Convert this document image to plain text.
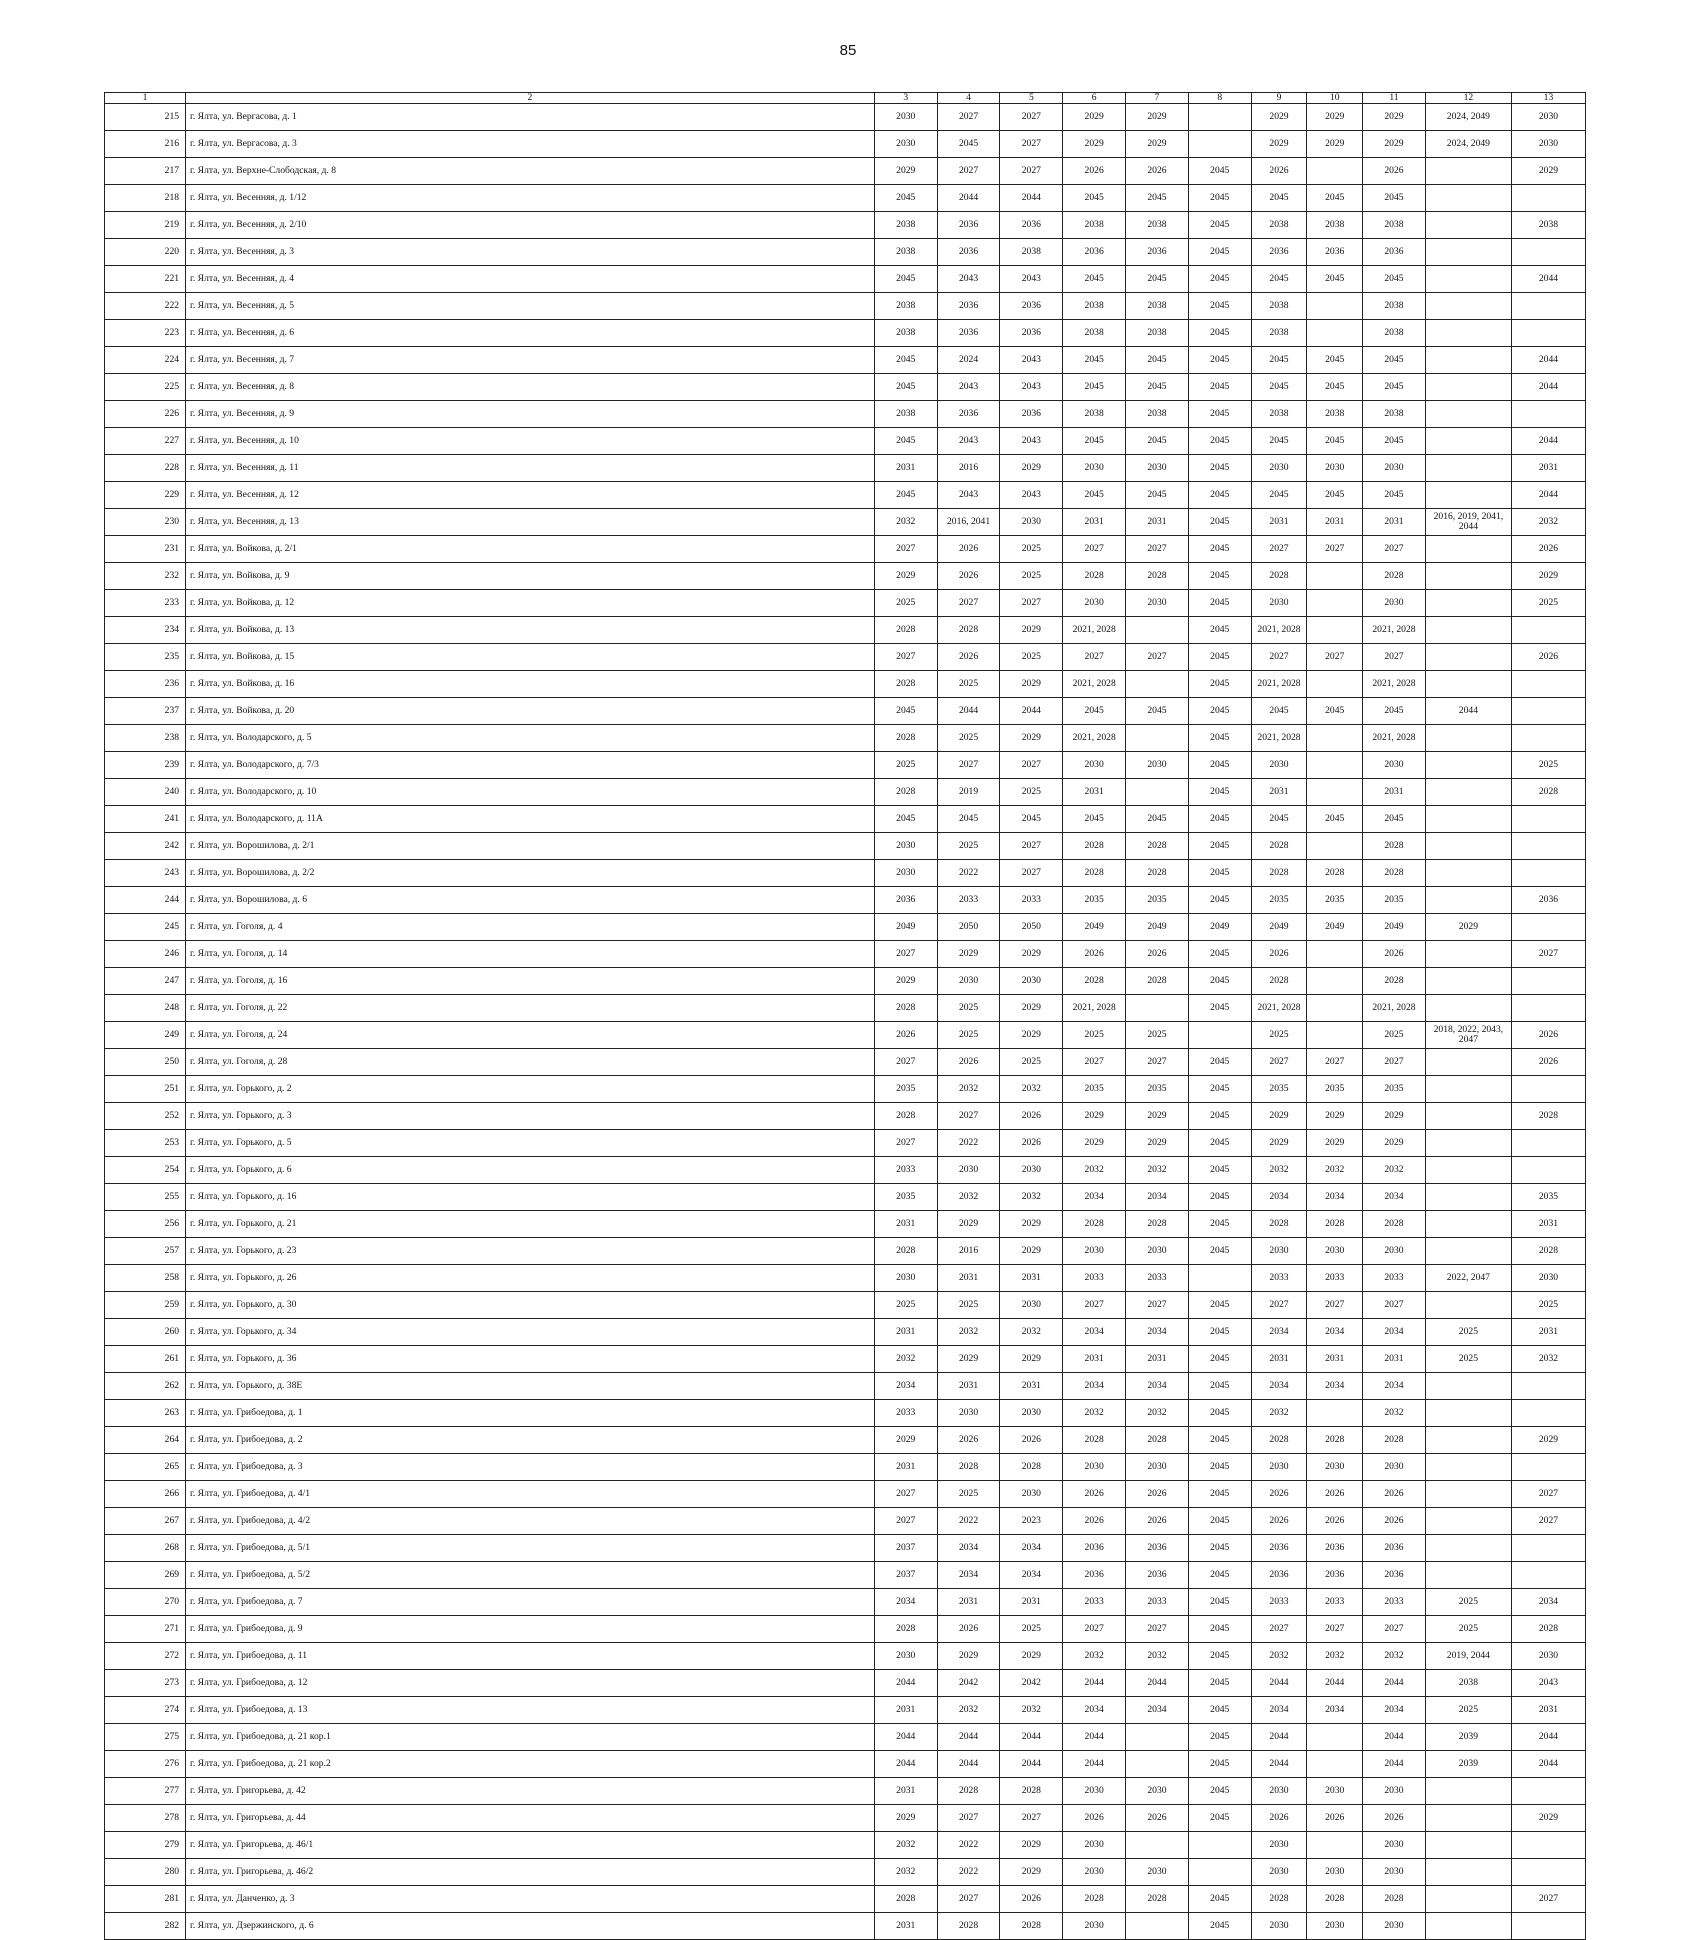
85
1	2	3	4	5	6	7	8	9	10	11	12	13
215	г. Ялта, ул. Вергасова, д. 1	2030	2027	2027	2029	2029		2029	2029	2029	2024, 2049	2030
216	г. Ялта, ул. Вергасова, д. 3	2030	2045	2027	2029	2029		2029	2029	2029	2024, 2049	2030
217	г. Ялта, ул. Верхне-Слободская, д. 8	2029	2027	2027	2026	2026	2045	2026		2026		2029
218	г. Ялта, ул. Весенняя, д. 1/12	2045	2044	2044	2045	2045	2045	2045	2045	2045		
219	г. Ялта, ул. Весенняя, д. 2/10	2038	2036	2036	2038	2038	2045	2038	2038	2038		2038
220	г. Ялта, ул. Весенняя, д. 3	2038	2036	2038	2036	2036	2045	2036	2036	2036		
221	г. Ялта, ул. Весенняя, д. 4	2045	2043	2043	2045	2045	2045	2045	2045	2045		2044
222	г. Ялта, ул. Весенняя, д. 5	2038	2036	2036	2038	2038	2045	2038		2038		
223	г. Ялта, ул. Весенняя, д. 6	2038	2036	2036	2038	2038	2045	2038		2038		
224	г. Ялта, ул. Весенняя, д. 7	2045	2024	2043	2045	2045	2045	2045	2045	2045		2044
225	г. Ялта, ул. Весенняя, д. 8	2045	2043	2043	2045	2045	2045	2045	2045	2045		2044
226	г. Ялта, ул. Весенняя, д. 9	2038	2036	2036	2038	2038	2045	2038	2038	2038		
227	г. Ялта, ул. Весенняя, д. 10	2045	2043	2043	2045	2045	2045	2045	2045	2045		2044
228	г. Ялта, ул. Весенняя, д. 11	2031	2016	2029	2030	2030	2045	2030	2030	2030		2031
229	г. Ялта, ул. Весенняя, д. 12	2045	2043	2043	2045	2045	2045	2045	2045	2045		2044
230	г. Ялта, ул. Весенняя, д. 13	2032	2016, 2041	2030	2031	2031	2045	2031	2031	2031	2016, 2019, 2041, 2044	2032
231	г. Ялта, ул. Войкова, д. 2/1	2027	2026	2025	2027	2027	2045	2027	2027	2027		2026
232	г. Ялта, ул. Войкова, д. 9	2029	2026	2025	2028	2028	2045	2028		2028		2029
233	г. Ялта, ул. Войкова, д. 12	2025	2027	2027	2030	2030	2045	2030		2030		2025
234	г. Ялта, ул. Войкова, д. 13	2028	2028	2029	2021, 2028		2045	2021, 2028		2021, 2028		
235	г. Ялта, ул. Войкова, д. 15	2027	2026	2025	2027	2027	2045	2027	2027	2027		2026
236	г. Ялта, ул. Войкова, д. 16	2028	2025	2029	2021, 2028		2045	2021, 2028		2021, 2028		
237	г. Ялта, ул. Войкова, д. 20	2045	2044	2044	2045	2045	2045	2045	2045	2045	2044	
238	г. Ялта, ул. Володарского, д. 5	2028	2025	2029	2021, 2028		2045	2021, 2028		2021, 2028		
239	г. Ялта, ул. Володарского, д. 7/3	2025	2027	2027	2030	2030	2045	2030		2030		2025
240	г. Ялта, ул. Володарского, д. 10	2028	2019	2025	2031		2045	2031		2031		2028
241	г. Ялта, ул. Володарского, д. 11А	2045	2045	2045	2045	2045	2045	2045	2045	2045		
242	г. Ялта, ул. Ворошилова, д. 2/1	2030	2025	2027	2028	2028	2045	2028		2028		
243	г. Ялта, ул. Ворошилова, д. 2/2	2030	2022	2027	2028	2028	2045	2028	2028	2028		
244	г. Ялта, ул. Ворошилова, д. 6	2036	2033	2033	2035	2035	2045	2035	2035	2035		2036
245	г. Ялта, ул. Гоголя, д. 4	2049	2050	2050	2049	2049	2049	2049	2049	2049	2029	
246	г. Ялта, ул. Гоголя, д. 14	2027	2029	2029	2026	2026	2045	2026		2026		2027
247	г. Ялта, ул. Гоголя, д. 16	2029	2030	2030	2028	2028	2045	2028		2028		
248	г. Ялта, ул. Гоголя, д. 22	2028	2025	2029	2021, 2028		2045	2021, 2028		2021, 2028		
249	г. Ялта, ул. Гоголя, д. 24	2026	2025	2029	2025	2025		2025		2025	2018, 2022, 2043, 2047	2026
250	г. Ялта, ул. Гоголя, д. 28	2027	2026	2025	2027	2027	2045	2027	2027	2027		2026
251	г. Ялта, ул. Горького, д. 2	2035	2032	2032	2035	2035	2045	2035	2035	2035		
252	г. Ялта, ул. Горького, д. 3	2028	2027	2026	2029	2029	2045	2029	2029	2029		2028
253	г. Ялта, ул. Горького, д. 5	2027	2022	2026	2029	2029	2045	2029	2029	2029		
254	г. Ялта, ул. Горького, д. 6	2033	2030	2030	2032	2032	2045	2032	2032	2032		
255	г. Ялта, ул. Горького, д. 16	2035	2032	2032	2034	2034	2045	2034	2034	2034		2035
256	г. Ялта, ул. Горького, д. 21	2031	2029	2029	2028	2028	2045	2028	2028	2028		2031
257	г. Ялта, ул. Горького, д. 23	2028	2016	2029	2030	2030	2045	2030	2030	2030		2028
258	г. Ялта, ул. Горького, д. 26	2030	2031	2031	2033	2033		2033	2033	2033	2022, 2047	2030
259	г. Ялта, ул. Горького, д. 30	2025	2025	2030	2027	2027	2045	2027	2027	2027		2025
260	г. Ялта, ул. Горького, д. 34	2031	2032	2032	2034	2034	2045	2034	2034	2034	2025	2031
261	г. Ялта, ул. Горького, д. 36	2032	2029	2029	2031	2031	2045	2031	2031	2031	2025	2032
262	г. Ялта, ул. Горького, д. 38Е	2034	2031	2031	2034	2034	2045	2034	2034	2034		
263	г. Ялта, ул. Грибоедова, д. 1	2033	2030	2030	2032	2032	2045	2032		2032		
264	г. Ялта, ул. Грибоедова, д. 2	2029	2026	2026	2028	2028	2045	2028	2028	2028		2029
265	г. Ялта, ул. Грибоедова, д. 3	2031	2028	2028	2030	2030	2045	2030	2030	2030		
266	г. Ялта, ул. Грибоедова, д. 4/1	2027	2025	2030	2026	2026	2045	2026	2026	2026		2027
267	г. Ялта, ул. Грибоедова, д. 4/2	2027	2022	2023	2026	2026	2045	2026	2026	2026		2027
268	г. Ялта, ул. Грибоедова, д. 5/1	2037	2034	2034	2036	2036	2045	2036	2036	2036		
269	г. Ялта, ул. Грибоедова, д. 5/2	2037	2034	2034	2036	2036	2045	2036	2036	2036		
270	г. Ялта, ул. Грибоедова, д. 7	2034	2031	2031	2033	2033	2045	2033	2033	2033	2025	2034
271	г. Ялта, ул. Грибоедова, д. 9	2028	2026	2025	2027	2027	2045	2027	2027	2027	2025	2028
272	г. Ялта, ул. Грибоедова, д. 11	2030	2029	2029	2032	2032	2045	2032	2032	2032	2019, 2044	2030
273	г. Ялта, ул. Грибоедова, д. 12	2044	2042	2042	2044	2044	2045	2044	2044	2044	2038	2043
274	г. Ялта, ул. Грибоедова, д. 13	2031	2032	2032	2034	2034	2045	2034	2034	2034	2025	2031
275	г. Ялта, ул. Грибоедова, д. 21 кор.1	2044	2044	2044	2044		2045	2044		2044	2039	2044
276	г. Ялта, ул. Грибоедова, д. 21 кор.2	2044	2044	2044	2044		2045	2044		2044	2039	2044
277	г. Ялта, ул. Григорьева, д. 42	2031	2028	2028	2030	2030	2045	2030	2030	2030		
278	г. Ялта, ул. Григорьева, д. 44	2029	2027	2027	2026	2026	2045	2026	2026	2026		2029
279	г. Ялта, ул. Григорьева, д. 46/1	2032	2022	2029	2030			2030		2030		
280	г. Ялта, ул. Григорьева, д. 46/2	2032	2022	2029	2030	2030		2030	2030	2030		
281	г. Ялта, ул. Данченко, д. 3	2028	2027	2026	2028	2028	2045	2028	2028	2028		2027
282	г. Ялта, ул. Дзержинского, д. 6	2031	2028	2028	2030		2045	2030	2030	2030		
˙
